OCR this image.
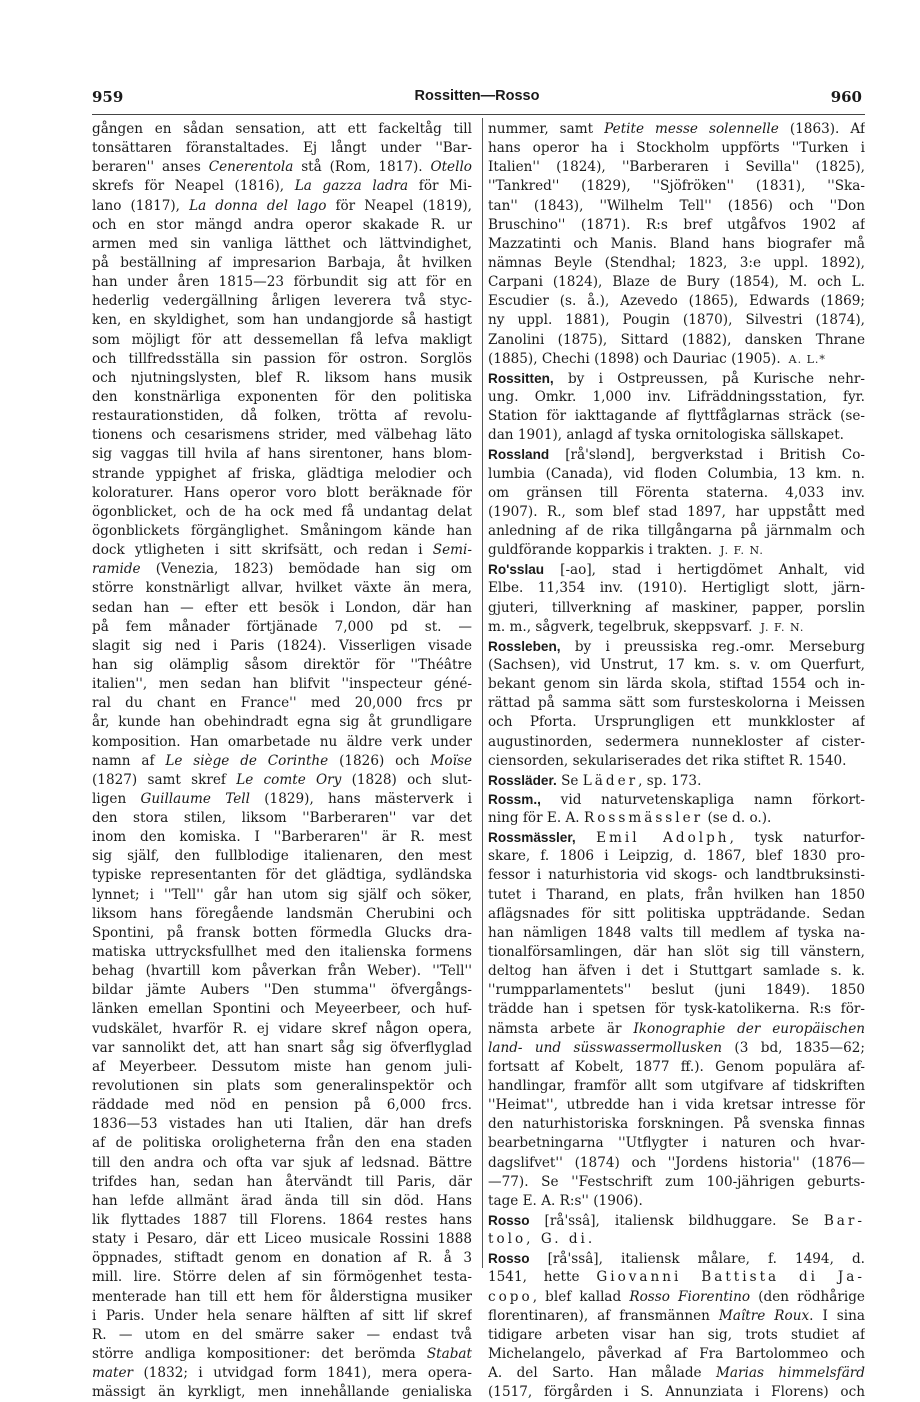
959	Rossitten—Rosso	960
gången en sådan sensation, att ett fackeltåg till
tonsättaren föranstaltades. Ej långt under ''Bar-
beraren'' anses Cenerentola stå (Rom, 1817). Otello
skrefs för Neapel (1816), La gazza ladra för Mi-
lano (1817), La donna del lago för Neapel (1819),
och en stor mängd andra operor skakade R. ur
armen med sin vanliga lätthet och lättvindighet,
på beställning af impresarion Barbaja, åt hvilken
han under åren 1815—23 förbundit sig att för en
hederlig vedergällning årligen leverera två styc-
ken, en skyldighet, som han undangjorde så hastigt
som möjligt för att dessemellan få lefva makligt
och tillfredsställa sin passion för ostron. Sorglös
och njutningslysten, blef R. liksom hans musik
den konstnärliga exponenten för den politiska
restaurationstiden, då folken, trötta af revolu-
tionens och cesarismens strider, med välbehag läto
sig vaggas till hvila af hans sirentoner, hans blom-
strande yppighet af friska, glädtiga melodier och
koloraturer. Hans operor voro blott beräknade för
ögonblicket, och de ha ock med få undantag delat
ögonblickets förgänglighet. Småningom kände han
dock ytligheten i sitt skrifsätt, och redan i Semi-
ramide (Venezia, 1823) bemödade han sig om
större konstnärligt allvar, hvilket växte än mera,
sedan han — efter ett besök i London, där han
på fem månader förtjänade 7,000 pd st. —
slagit sig ned i Paris (1824). Visserligen visade
han sig olämplig såsom direktör för ''Théâtre
italien'', men sedan han blifvit ''inspecteur géné-
ral du chant en France'' med 20,000 frcs pr
år, kunde han obehindradt egna sig åt grundligare
komposition. Han omarbetade nu äldre verk under
namn af Le siège de Corinthe (1826) och Moïse
(1827) samt skref Le comte Ory (1828) och slut-
ligen Guillaume Tell (1829), hans mästerverk i
den stora stilen, liksom ''Barberaren'' var det
inom den komiska. I ''Barberaren'' är R. mest
sig själf, den fullblodige italienaren, den mest
typiske representanten för det glädtiga, sydländska
lynnet; i ''Tell'' går han utom sig själf och söker,
liksom hans föregående landsmän Cherubini och
Spontini, på fransk botten förmedla Glucks dra-
matiska uttrycksfullhet med den italienska formens
behag (hvartill kom påverkan från Weber). ''Tell''
bildar jämte Aubers ''Den stumma'' öfvergångs-
länken emellan Spontini och Meyeerbeer, och huf-
vudskälet, hvarför R. ej vidare skref någon opera,
var sannolikt det, att han snart såg sig öfverflyglad
af Meyerbeer. Dessutom miste han genom juli-
revolutionen sin plats som generalinspektör och
räddade med nöd en pension på 6,000 frcs.
1836—53 vistades han uti Italien, där han drefs
af de politiska oroligheterna från den ena staden
till den andra och ofta var sjuk af ledsnad. Bättre
trifdes han, sedan han återvändt till Paris, där
han lefde allmänt ärad ända till sin död. Hans
lik flyttades 1887 till Florens. 1864 restes hans
staty i Pesaro, där ett Liceo musicale Rossini 1888
öppnades, stiftadt genom en donation af R. å 3
mill. lire. Större delen af sin förmögenhet testa-
menterade han till ett hem för ålderstigna musiker
i Paris. Under hela senare hälften af sitt lif skref
R. — utom en del smärre saker — endast två
större andliga kompositioner: det berömda Stabat
mater (1832; i utvidgad form 1841), mera opera-
mässigt än kyrkligt, men innehållande genialiska
nummer, samt Petite messe solennelle (1863). Af
hans operor ha i Stockholm uppförts ''Turken i
Italien'' (1824), ''Barberaren i Sevilla'' (1825),
''Tankred'' (1829), ''Sjöfröken'' (1831), ''Ska-
tan'' (1843), ''Wilhelm Tell'' (1856) och ''Don
Bruschino'' (1871). R:s bref utgåfvos 1902 af
Mazzatinti och Manis. Bland hans biografer må
nämnas Beyle (Stendhal; 1823, 3:e uppl. 1892),
Carpani (1824), Blaze de Bury (1854), M. och L.
Escudier (s. å.), Azevedo (1865), Edwards (1869;
ny uppl. 1881), Pougin (1870), Silvestri (1874),
Zanolini (1875), Sittard (1882), dansken Thrane
(1885), Chechi (1898) och Dauriac (1905). A. L.*
Rossitten, by i Ostpreussen, på Kurische nehr-
ung. Omkr. 1,000 inv. Lifräddningsstation, fyr.
Station för iakttagande af flyttfåglarnas sträck (se-
dan 1901), anlagd af tyska ornitologiska sällskapet.
Rossland [rå'slənd], bergverkstad i British Co-
lumbia (Canada), vid floden Columbia, 13 km. n.
om gränsen till Förenta staterna. 4,033 inv.
(1907). R., som blef stad 1897, har uppstått med
anledning af de rika tillgångarna på järnmalm och
guldförande kopparkis i trakten. J. F. N.
Ro'sslau [-ao], stad i hertigdömet Anhalt, vid
Elbe. 11,354 inv. (1910). Hertigligt slott, järn-
gjuteri, tillverkning af maskiner, papper, porslin
m. m., sågverk, tegelbruk, skeppsvarf. J. F. N.
Rossleben, by i preussiska reg.-omr. Merseburg
(Sachsen), vid Unstrut, 17 km. s. v. om Querfurt,
bekant genom sin lärda skola, stiftad 1554 och in-
rättad på samma sätt som fursteskolorna i Meissen
och Pforta. Ursprungligen ett munkkloster af
augustinorden, sedermera nunnekloster af cister-
ciensorden, sekulariserades det rika stiftet R. 1540.
Rossläder. Se Läder, sp. 173.
Rossm., vid naturvetenskapliga namn förkort-
ning för E. A. Rossmässler (se d. o.).
Rossmässler, Emil Adolph, tysk naturfor-
skare, f. 1806 i Leipzig, d. 1867, blef 1830 pro-
fessor i naturhistoria vid skogs- och landtbruksinsti-
tutet i Tharand, en plats, från hvilken han 1850
aflägsnades för sitt politiska uppträdande. Sedan
han nämligen 1848 valts till medlem af tyska na-
tionalförsamlingen, där han slöt sig till vänstern,
deltog han äfven i det i Stuttgart samlade s. k.
''rumpparlamentets'' beslut (juni 1849). 1850
trädde han i spetsen för tysk-katolikerna. R:s för-
nämsta arbete är Ikonographie der europäischen
land- und süsswassermollusken (3 bd, 1835—62;
fortsatt af Kobelt, 1877 ff.). Genom populära af-
handlingar, framför allt som utgifvare af tidskriften
''Heimat'', utbredde han i vida kretsar intresse för
den naturhistoriska forskningen. På svenska finnas
bearbetningarna ''Utflygter i naturen och hvar-
dagslifvet'' (1874) och ''Jordens historia'' (1876—
—77). Se ''Festschrift zum 100-jährigen geburts-
tage E. A. R:s'' (1906).
Rosso [rå'ssâ], italiensk bildhuggare. Se Bar-
tolo, G. di.
Rosso [rå'ssâ], italiensk målare, f. 1494, d.
1541, hette Giovanni Battista di Ja-
copo, blef kallad Rosso Fiorentino (den rödhårige
florentinaren), af fransmännen Maître Roux. I sina
tidigare arbeten visar han sig, trots studiet af
Michelangelo, påverkad af Fra Bartolommeo och
A. del Sarto. Han målade Marias himmelsfärd
(1517, förgården i S. Annunziata i Florens) och
